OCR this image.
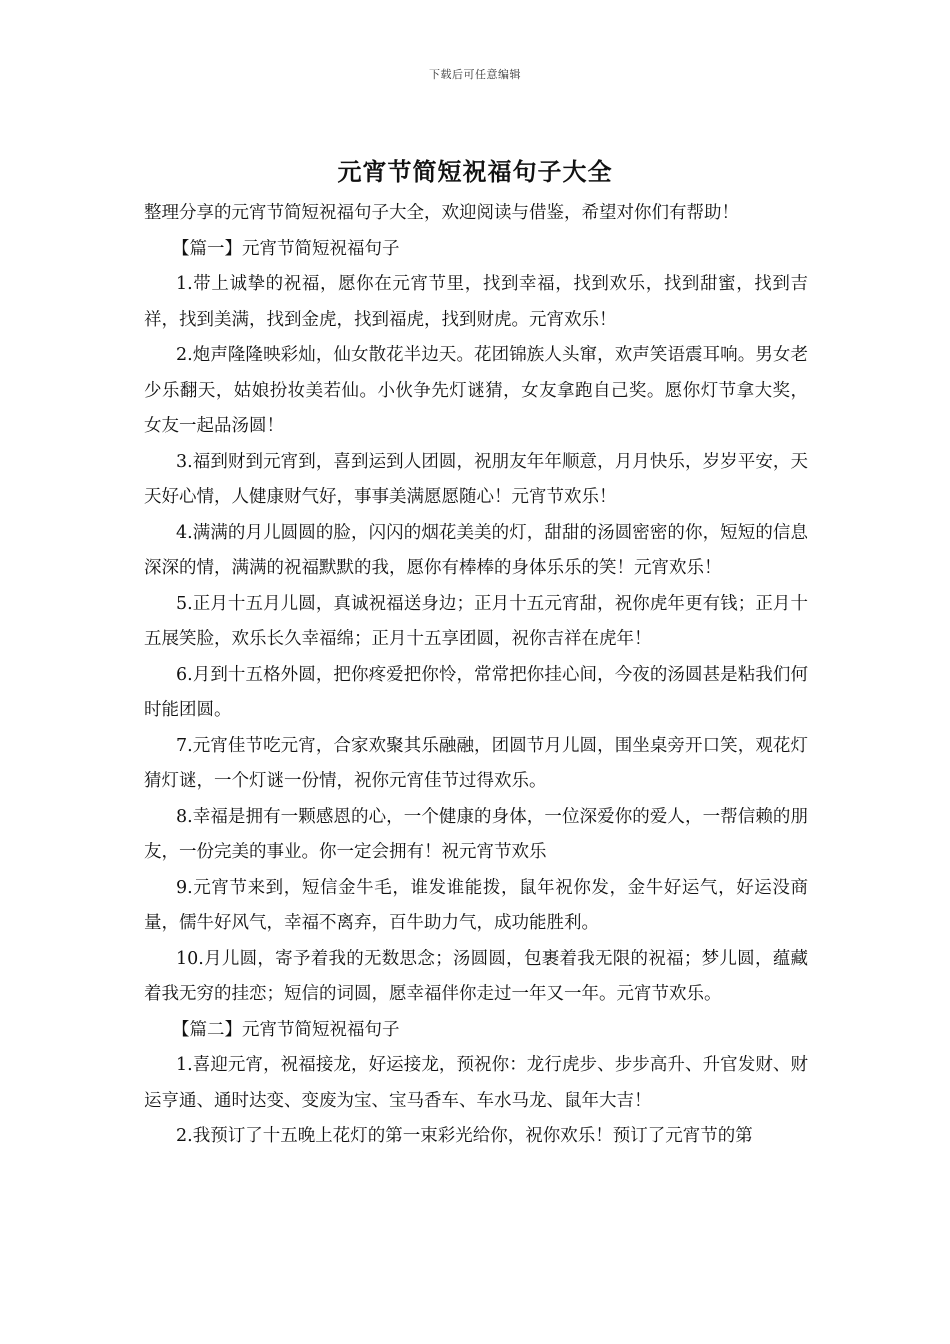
下载后可任意编辑
元宵节简短祝福句子大全

整理分享的元宵节简短祝福句子大全，欢迎阅读与借鉴，希望对你们有帮助！

【篇一】元宵节简短祝福句子

1.带上诚挚的祝福，愿你在元宵节里，找到幸福，找到欢乐，找到甜蜜，找到吉祥，找到美满，找到金虎，找到福虎，找到财虎。元宵欢乐！

2.炮声隆隆映彩灿，仙女散花半边天。花团锦族人头窜，欢声笑语震耳响。男女老少乐翻天，姑娘扮妆美若仙。小伙争先灯谜猜，女友拿跑自己奖。愿你灯节拿大奖，女友一起品汤圆！

3.福到财到元宵到，喜到运到人团圆，祝朋友年年顺意，月月快乐，岁岁平安，天天好心情，人健康财气好，事事美满愿愿随心！元宵节欢乐！

4.满满的月儿圆圆的脸，闪闪的烟花美美的灯，甜甜的汤圆密密的你，短短的信息深深的情，满满的祝福默默的我，愿你有棒棒的身体乐乐的笑！元宵欢乐！

5.正月十五月儿圆，真诚祝福送身边；正月十五元宵甜，祝你虎年更有钱；正月十五展笑脸，欢乐长久幸福绵；正月十五享团圆，祝你吉祥在虎年！

6.月到十五格外圆，把你疼爱把你怜，常常把你挂心间，今夜的汤圆甚是粘我们何时能团圆。

7.元宵佳节吃元宵，合家欢聚其乐融融，团圆节月儿圆，围坐桌旁开口笑，观花灯猜灯谜，一个灯谜一份情，祝你元宵佳节过得欢乐。

8.幸福是拥有一颗感恩的心，一个健康的身体，一位深爱你的爱人，一帮信赖的朋友，一份完美的事业。你一定会拥有！祝元宵节欢乐

9.元宵节来到，短信金牛毛，谁发谁能拨，鼠年祝你发，金牛好运气，好运没商量，儒牛好风气，幸福不离弃，百牛助力气，成功能胜利。

10.月儿圆，寄予着我的无数思念；汤圆圆，包裹着我无限的祝福；梦儿圆，蕴藏着我无穷的挂恋；短信的词圆，愿幸福伴你走过一年又一年。元宵节欢乐。

【篇二】元宵节简短祝福句子

1.喜迎元宵，祝福接龙，好运接龙，预祝你：龙行虎步、步步高升、升官发财、财运亨通、通时达变、变废为宝、宝马香车、车水马龙、鼠年大吉！

2.我预订了十五晚上花灯的第一束彩光给你，祝你欢乐！预订了元宵节的第
